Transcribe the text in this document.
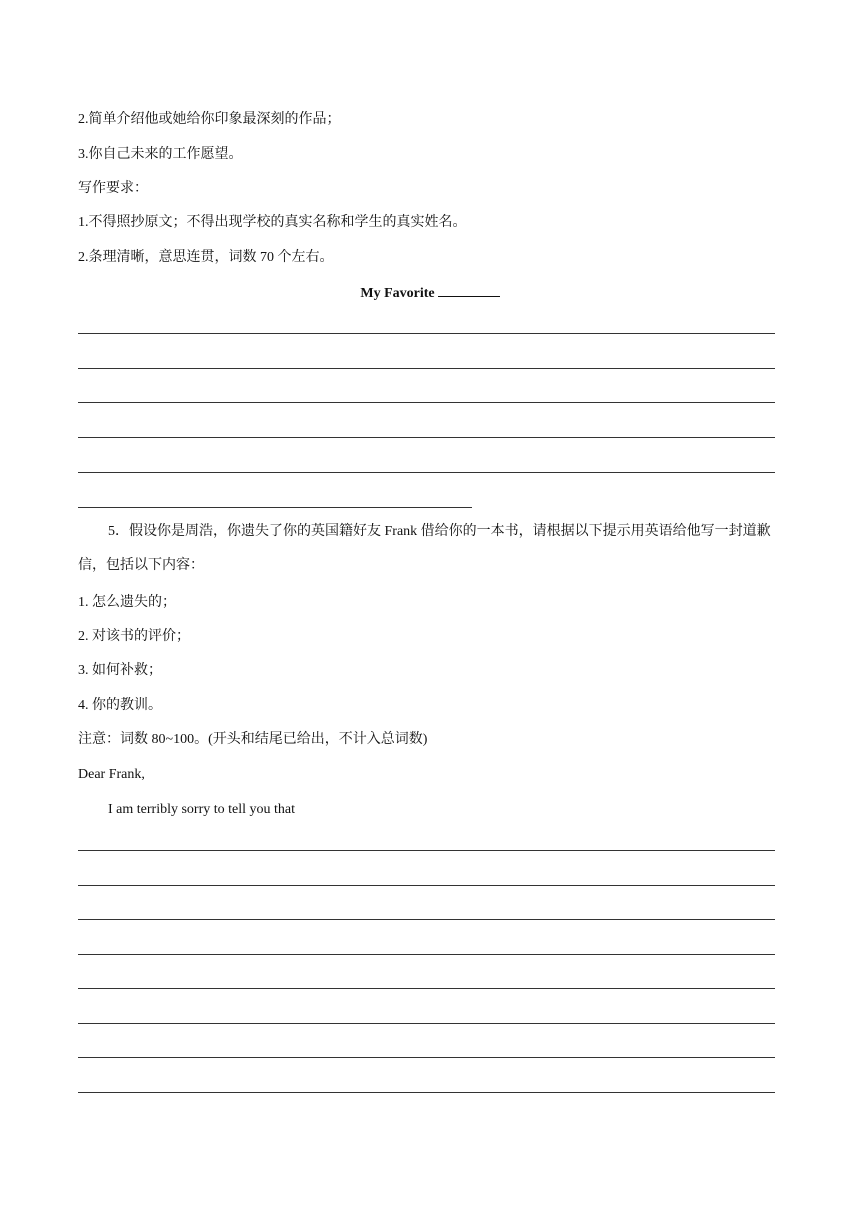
2.简单介绍他或她给你印象最深刻的作品；
3.你自己未来的工作愿望。
写作要求：
1.不得照抄原文；不得出现学校的真实名称和学生的真实姓名。
2.条理清晰，意思连贯，词数 70 个左右。
My Favorite
5．假设你是周浩，你遗失了你的英国籍好友 Frank 借给你的一本书，请根据以下提示用英语给他写一封道歉信，包括以下内容：
1. 怎么遗失的；
2. 对该书的评价；
3. 如何补救；
4. 你的教训。
注意：词数 80~100。(开头和结尾已给出，不计入总词数)
Dear Frank,
I am terribly sorry to tell you that
